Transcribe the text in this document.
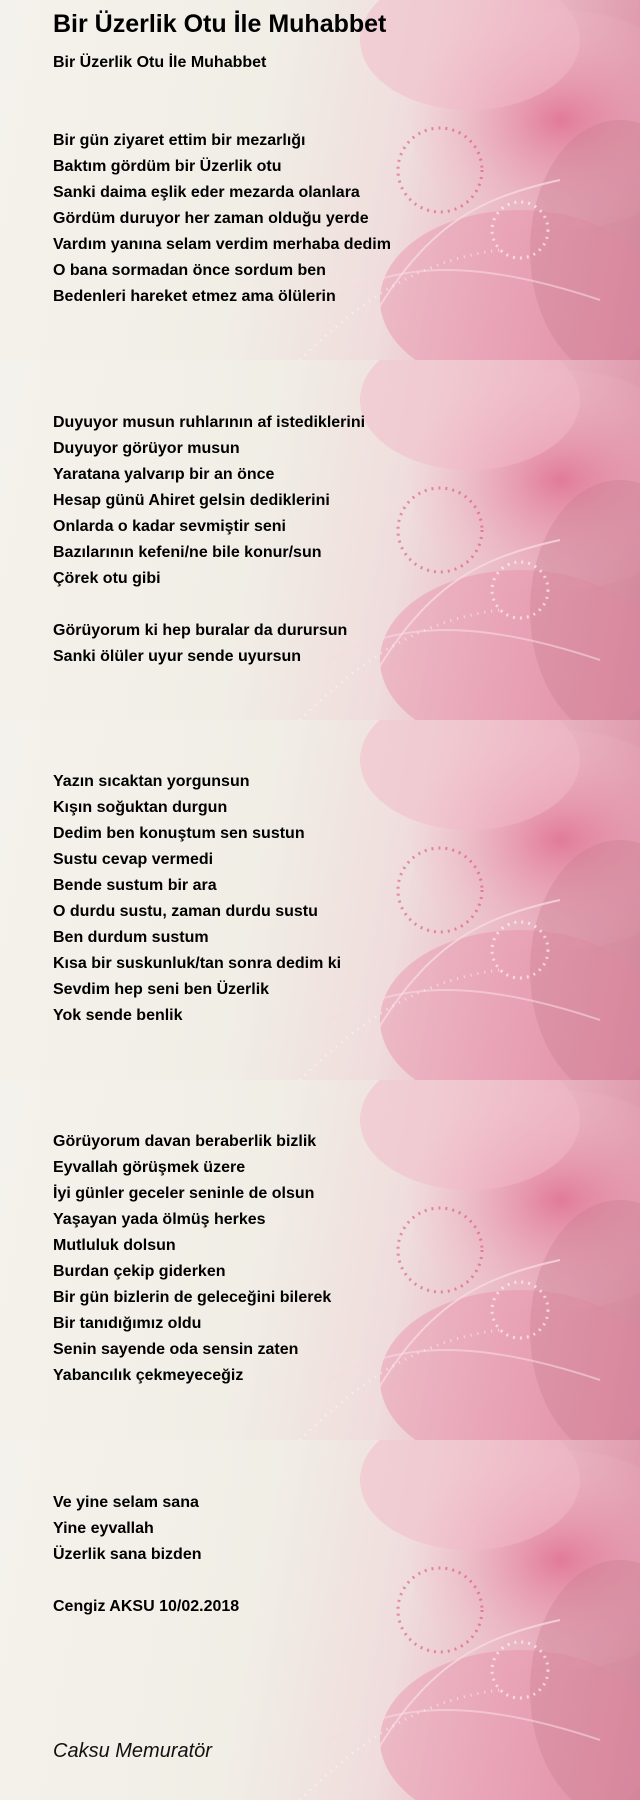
Bir Üzerlik Otu İle Muhabbet
Bir Üzerlik Otu İle Muhabbet
Bir gün ziyaret ettim bir mezarlığı
Baktım gördüm bir Üzerlik otu
Sanki daima eşlik eder mezarda olanlara
Gördüm duruyor her zaman olduğu yerde
Vardım yanına selam verdim merhaba dedim
O bana sormadan önce sordum ben
Bedenleri hareket etmez ama ölülerin
Duyuyor musun ruhlarının af istediklerini
Duyuyor görüyor musun
Yaratana yalvarıp bir an önce
Hesap günü Ahiret gelsin dediklerini
Onlarda o kadar sevmiştir seni
Bazılarının kefeni/ne bile konur/sun
Çörek otu gibi
Görüyorum ki hep buralar da durursun
Sanki ölüler uyur sende uyursun
Yazın sıcaktan yorgunsun
Kışın soğuktan durgun
Dedim ben konuştum sen sustun
Sustu cevap vermedi
Bende sustum bir ara
O durdu sustu, zaman durdu sustu
Ben durdum sustum
Kısa bir suskunluk/tan sonra dedim ki
Sevdim hep seni ben Üzerlik
Yok sende benlik
Görüyorum davan beraberlik bizlik
Eyvallah görüşmek üzere
İyi günler geceler seninle de olsun
Yaşayan yada ölmüş herkes
Mutluluk dolsun
Burdan çekip giderken
Bir gün bizlerin de geleceğini bilerek
Bir tanıdığımız oldu
Senin sayende oda sensin zaten
Yabancılık çekmeyeceğiz
Ve yine selam sana
Yine eyvallah
Üzerlik sana bizden
Cengiz AKSU 10/02.2018
Caksu Memuratör
